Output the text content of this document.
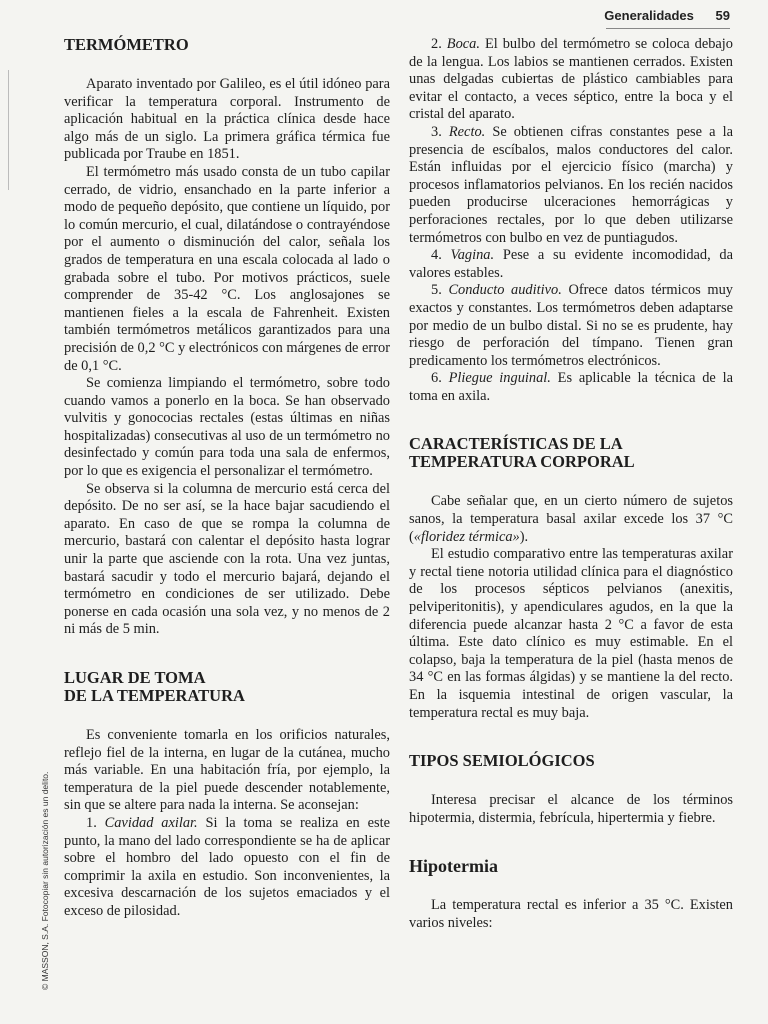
Generalidades 59
TERMÓMETRO

Aparato inventado por Galileo, es el útil idóneo para verificar la temperatura corporal. Instrumento de aplicación habitual en la práctica clínica desde hace algo más de un siglo. La primera gráfica térmica fue publicada por Traube en 1851.

El termómetro más usado consta de un tubo capilar cerrado, de vidrio, ensanchado en la parte inferior a modo de pequeño depósito, que contiene un líquido, por lo común mercurio, el cual, dilatándose o contrayéndose por el aumento o disminución del calor, señala los grados de temperatura en una escala colocada al lado o grabada sobre el tubo. Por motivos prácticos, suele comprender de 35-42 °C. Los anglosajones se mantienen fieles a la escala de Fahrenheit. Existen también termómetros metálicos garantizados para una precisión de 0,2 °C y electrónicos con márgenes de error de 0,1 °C.

Se comienza limpiando el termómetro, sobre todo cuando vamos a ponerlo en la boca. Se han observado vulvitis y gonococias rectales (estas últimas en niñas hospitalizadas) consecutivas al uso de un termómetro no desinfectado y común para toda una sala de enfermos, por lo que es exigencia el personalizar el termómetro.

Se observa si la columna de mercurio está cerca del depósito. De no ser así, se la hace bajar sacudiendo el aparato. En caso de que se rompa la columna de mercurio, bastará con calentar el depósito hasta lograr unir la parte que asciende con la rota. Una vez juntas, bastará sacudir y todo el mercurio bajará, dejando el termómetro en condiciones de ser utilizado. Debe ponerse en cada ocasión una sola vez, y no menos de 2 ni más de 5 min.

LUGAR DE TOMA
DE LA TEMPERATURA

Es conveniente tomarla en los orificios naturales, reflejo fiel de la interna, en lugar de la cutánea, mucho más variable. En una habitación fría, por ejemplo, la temperatura de la piel puede descender notablemente, sin que se altere para nada la interna. Se aconsejan:

1. Cavidad axilar. Si la toma se realiza en este punto, la mano del lado correspondiente se ha de aplicar sobre el hombro del lado opuesto con el fin de comprimir la axila en estudio. Son inconvenientes, la excesiva descarnación de los sujetos emaciados y el exceso de pilosidad.

2. Boca. El bulbo del termómetro se coloca debajo de la lengua. Los labios se mantienen cerrados. Existen unas delgadas cubiertas de plástico cambiables para evitar el contacto, a veces séptico, entre la boca y el cristal del aparato.

3. Recto. Se obtienen cifras constantes pese a la presencia de escíbalos, malos conductores del calor. Están influidas por el ejercicio físico (marcha) y procesos inflamatorios pelvianos. En los recién nacidos pueden producirse ulceraciones hemorrágicas y perforaciones rectales, por lo que deben utilizarse termómetros con bulbo en vez de puntiagudos.

4. Vagina. Pese a su evidente incomodidad, da valores estables.

5. Conducto auditivo. Ofrece datos térmicos muy exactos y constantes. Los termómetros deben adaptarse por medio de un bulbo distal. Si no se es prudente, hay riesgo de perforación del tímpano. Tienen gran predicamento los termómetros electrónicos.

6. Pliegue inguinal. Es aplicable la técnica de la toma en axila.

CARACTERÍSTICAS DE LA
TEMPERATURA CORPORAL

Cabe señalar que, en un cierto número de sujetos sanos, la temperatura basal axilar excede los 37 °C («floridez térmica»).

El estudio comparativo entre las temperaturas axilar y rectal tiene notoria utilidad clínica para el diagnóstico de los procesos sépticos pelvianos (anexitis, pelviperitonitis), y apendiculares agudos, en la que la diferencia puede alcanzar hasta 2 °C a favor de esta última. Este dato clínico es muy estimable. En el colapso, baja la temperatura de la piel (hasta menos de 34 °C en las formas álgidas) y se mantiene la del recto. En la isquemia intestinal de origen vascular, la temperatura rectal es muy baja.

TIPOS SEMIOLÓGICOS

Interesa precisar el alcance de los términos hipotermia, distermia, febrícula, hipertermia y fiebre.

Hipotermia

La temperatura rectal es inferior a 35 °C. Existen varios niveles:

© MASSON, S.A. Fotocopiar sin autorización es un delito.
